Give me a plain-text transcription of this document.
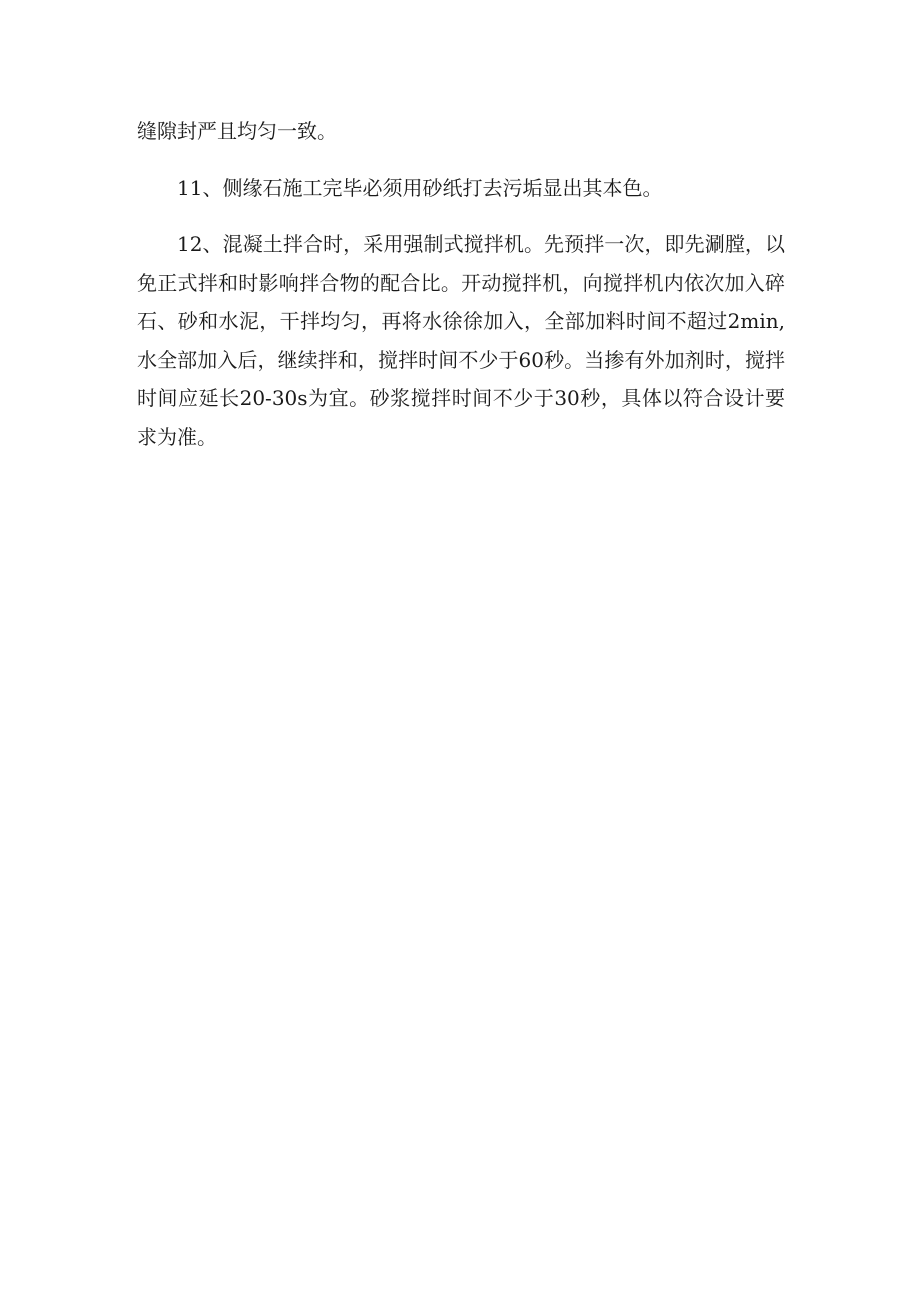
缝隙封严且均匀一致。

11、侧缘石施工完毕必须用砂纸打去污垢显出其本色。

12、混凝土拌合时，采用强制式搅拌机。先预拌一次，即先涮膛，以免正式拌和时影响拌合物的配合比。开动搅拌机，向搅拌机内依次加入碎石、砂和水泥，干拌均匀，再将水徐徐加入，全部加料时间不超过2min,水全部加入后，继续拌和，搅拌时间不少于60秒。当掺有外加剂时，搅拌时间应延长20-30s为宜。砂浆搅拌时间不少于30秒，具体以符合设计要求为准。
